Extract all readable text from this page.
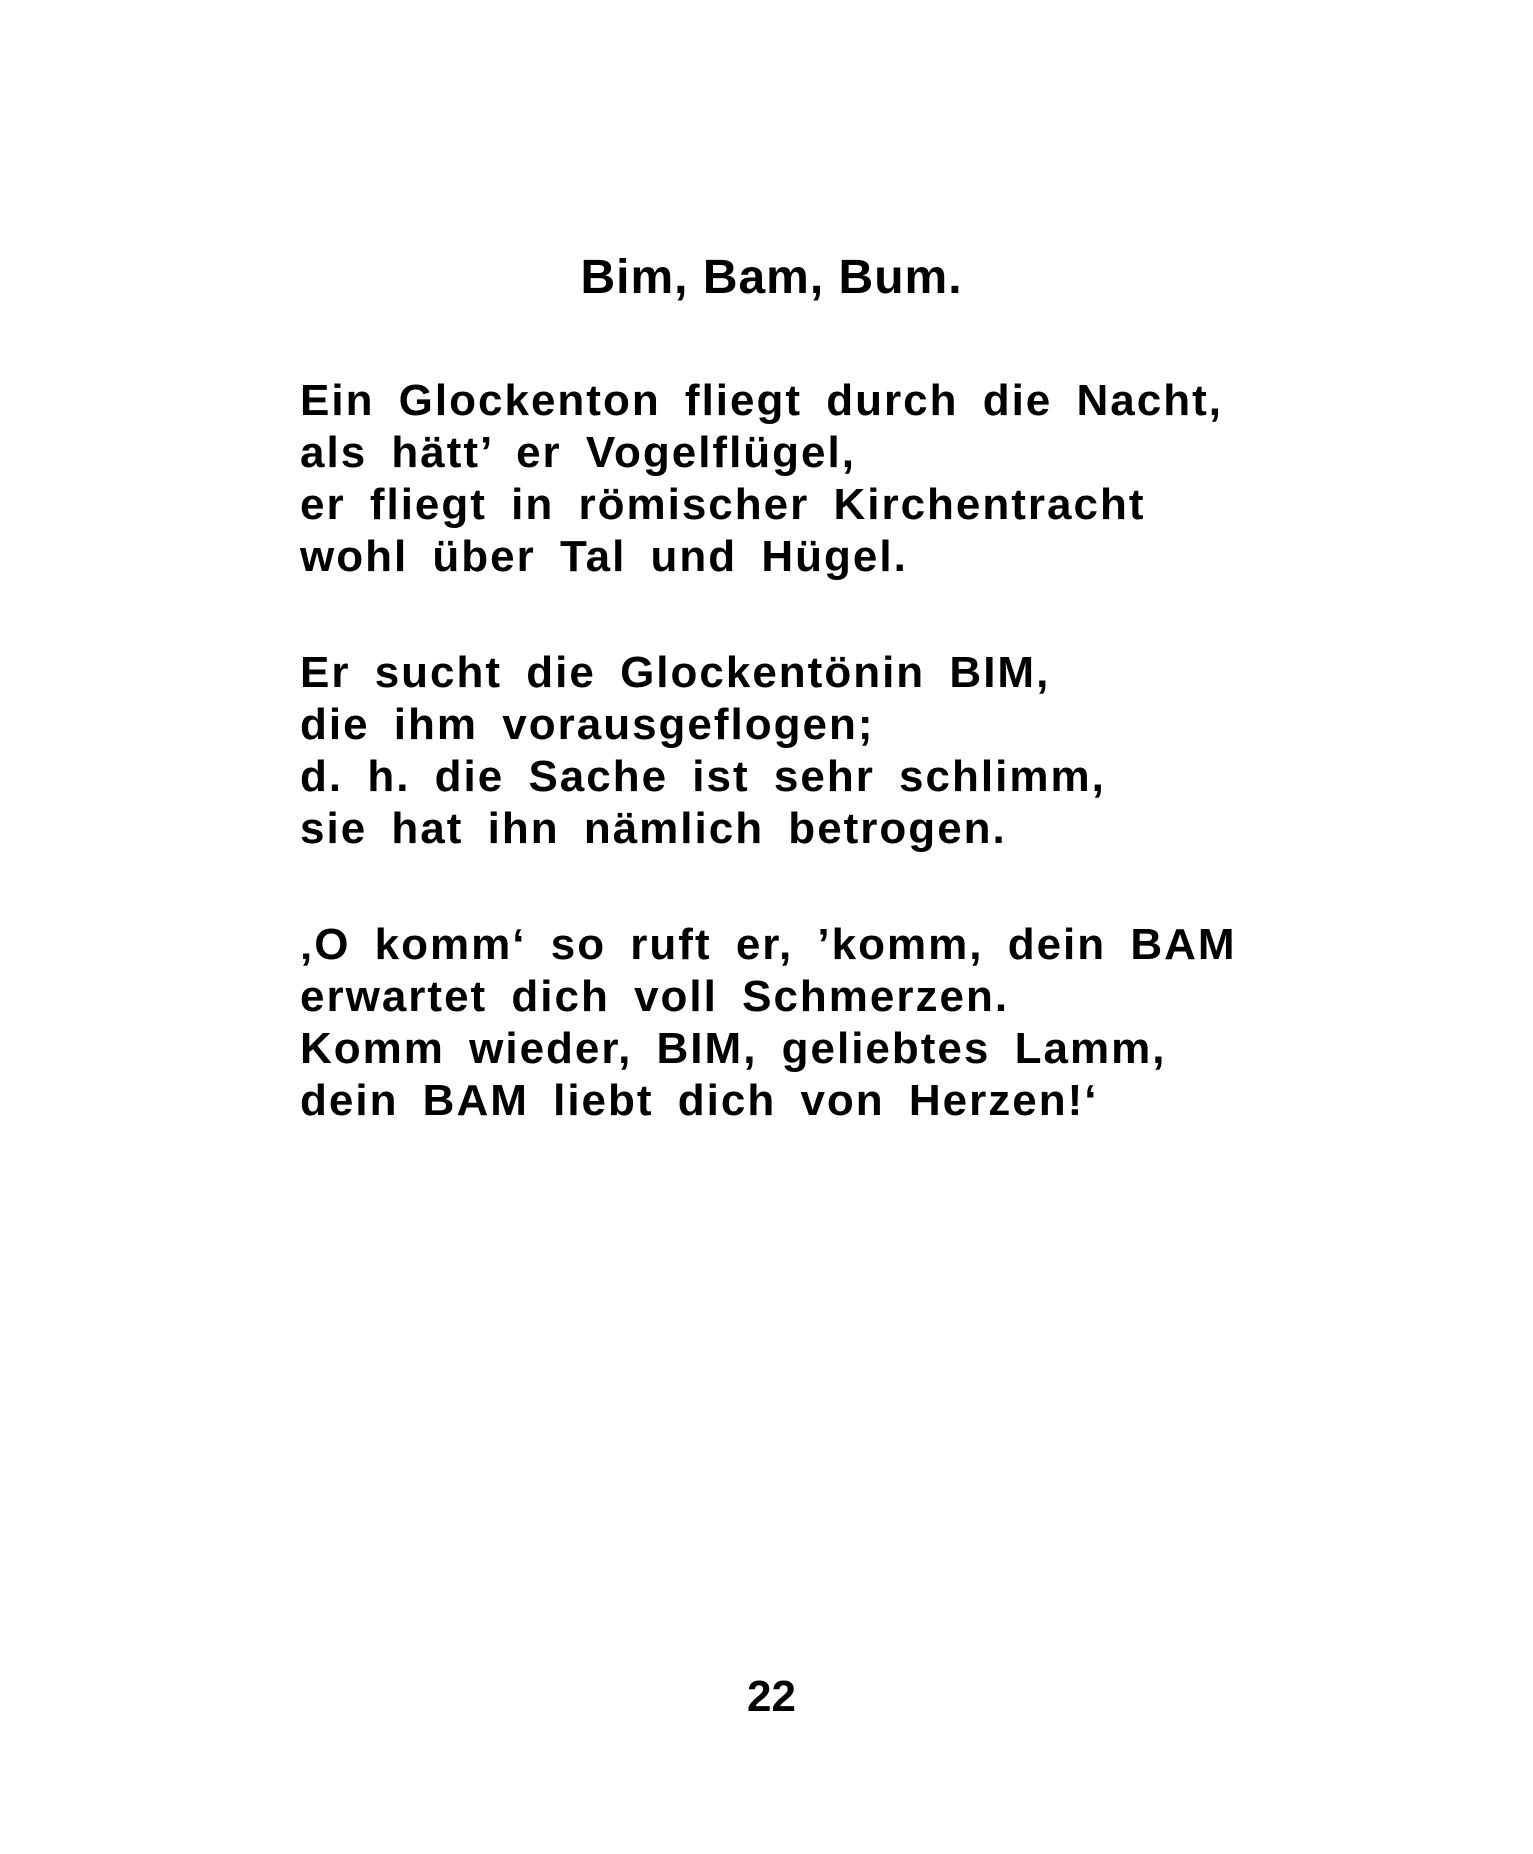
Bim, Bam, Bum.
Ein Glockenton fliegt durch die Nacht,
als hätt’ er Vogelflügel,
er fliegt in römischer Kirchentracht
wohl über Tal und Hügel.
Er sucht die Glockentönin BIM,
die ihm vorausgeflogen;
d. h. die Sache ist sehr schlimm,
sie hat ihn nämlich betrogen.
‚O komm‘ so ruft er, ’komm, dein BAM
erwartet dich voll Schmerzen.
Komm wieder, BIM, geliebtes Lamm,
dein BAM liebt dich von Herzen!‘
22
